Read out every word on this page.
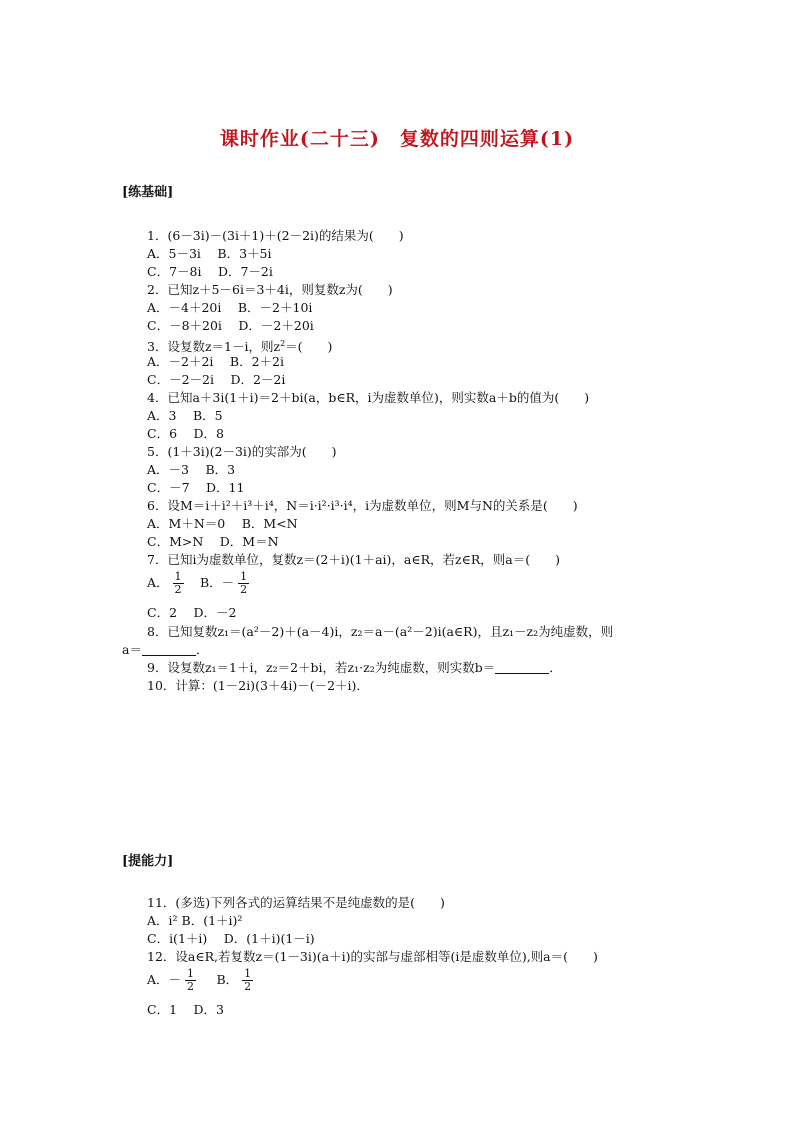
课时作业(二十三)　复数的四则运算(1)
[练基础]
1．(6－3i)－(3i＋1)＋(2－2i)的结果为(　　)
A．5－3i　 B．3＋5i
C．7－8i　 D．7－2i
2．已知z＋5－6i＝3＋4i，则复数z为(　　)
A．－4＋20i　 B．－2＋10i
C．－8＋20i　 D．－2＋20i
3．设复数z＝1－i，则$z^2=$(　　)
A．－2＋2i　 B．2＋2i
C．－2－2i　 D．2－2i
4．已知a＋3i(1＋i)＝2＋bi(a，b∈R，i为虚数单位)，则实数a＋b的值为(　　)
A．3　 B．5
C．6　 D．8
5．(1＋3i)(2－3i)的实部为(　　)
A．－3　 B．3
C．－7　 D．11
6．设M＝i＋i²＋i³＋i⁴，N＝i·i²·i³·i⁴，i为虚数单位，则M与N的关系是(　　)
A．M＋N＝0　 B．M<N
C．M>N　 D．M＝N
7．已知i为虚数单位，复数z＝(2＋i)(1＋ai)，a∈R，若z∈R，则a＝(　　)
A． $\frac{1}{2}$ 　B．－ $\frac{1}{2}$
C．2　 D．－2
8．已知复数z₁＝(a²－2)＋(a－4)i，z₂＝a－(a²－2)i(a∈R)，且z₁－z₂为纯虚数，则
a＝	．
9．设复数z₁＝1＋i，z₂＝2＋bi，若z₁·z₂为纯虚数，则实数b＝	．
10．计算：(1－2i)(3＋4i)－(－2＋i)．
[提能力]
11．(多选)下列各式的运算结果不是纯虚数的是(　　)
A．i² B．(1＋i)²
C．i(1＋i)　 D．(1＋i)(1－i)
12．设a∈R,若复数z＝(1－3i)(a＋i)的实部与虚部相等(i是虚数单位),则a＝(　　)
A．－ $\frac{1}{2}$ 　 B． $\frac{1}{2}$
C．1　 D．3
